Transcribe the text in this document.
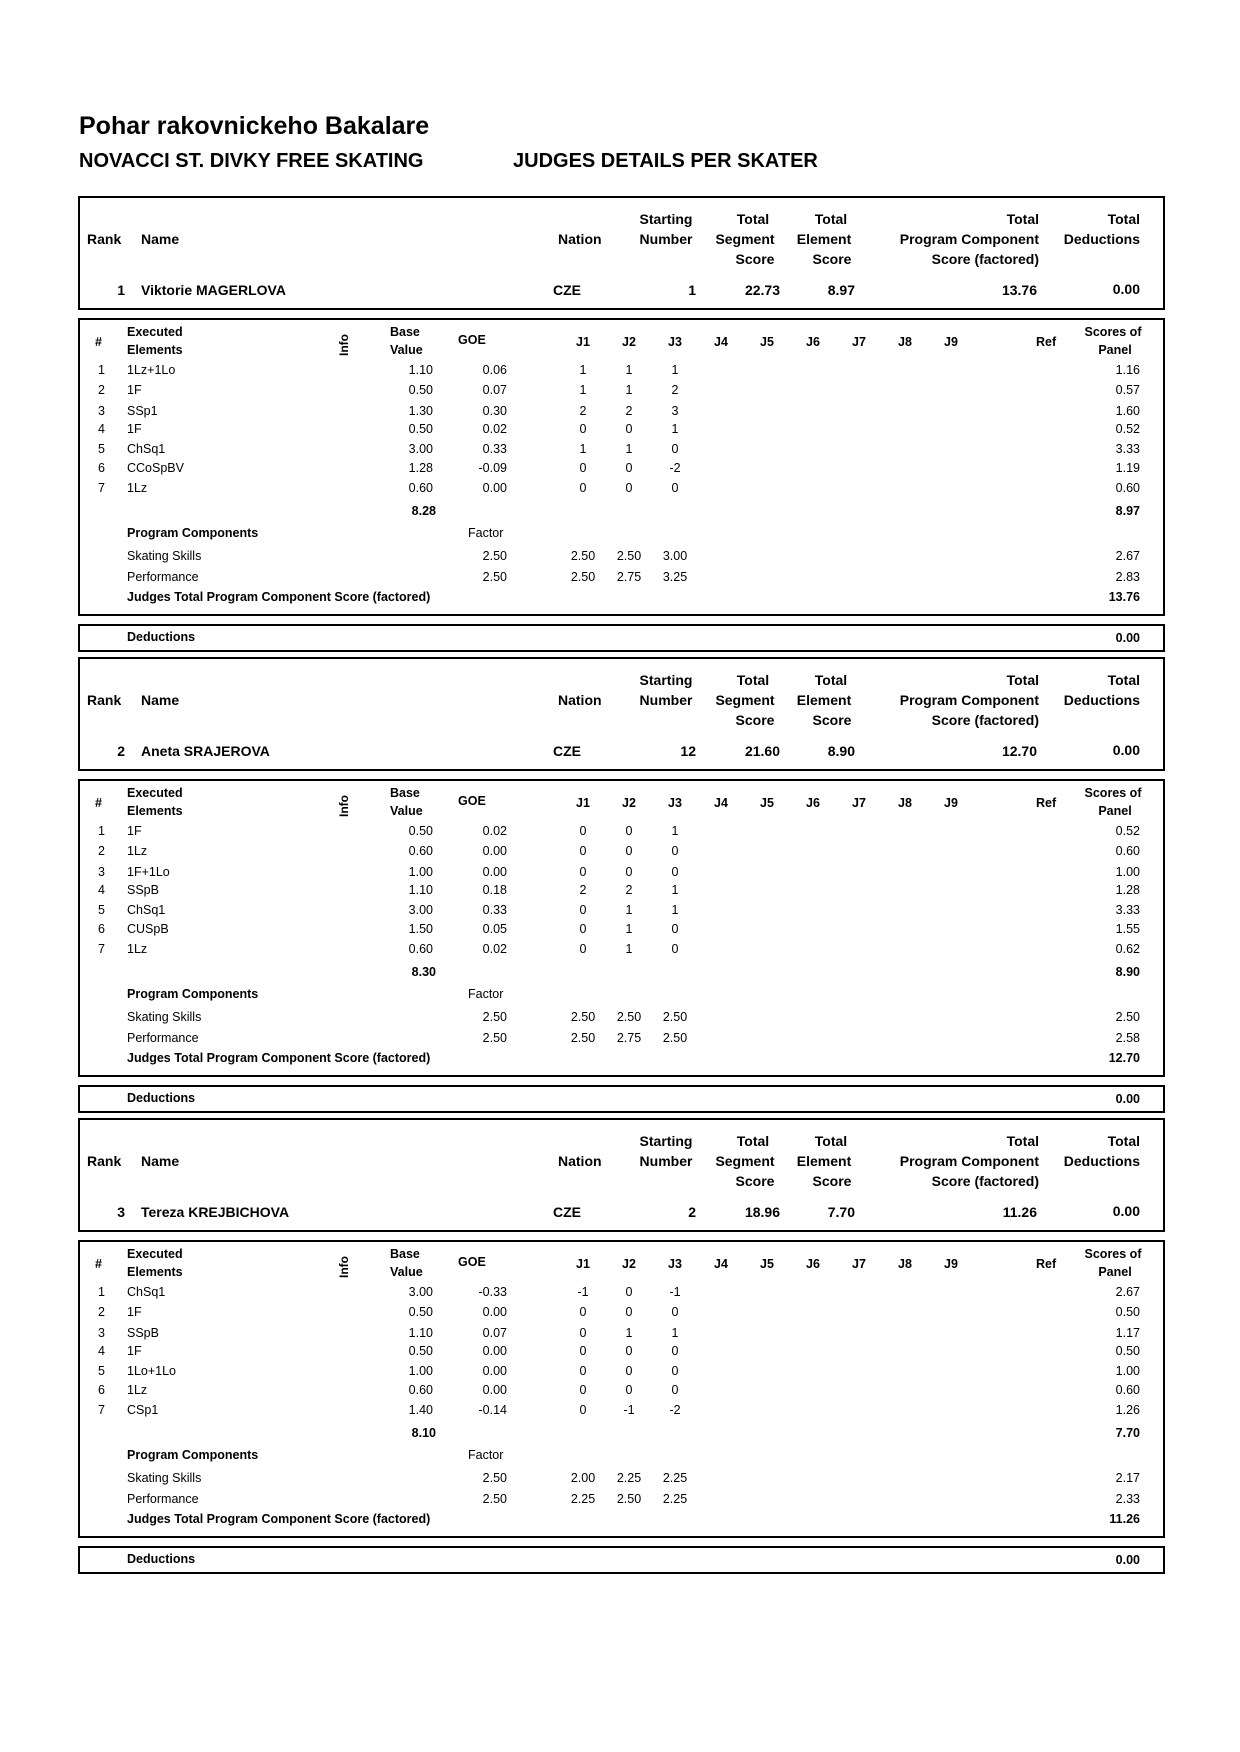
Pohar rakovnickeho Bakalare
NOVACCI ST. DIVKY FREE SKATING	JUDGES DETAILS PER SKATER
Rank Name	Nation
Starting
Number
Total
Segment
Score
Total
Element
Score
Total
Program Component
Score (factored)
Total
Deductions
1 Viktorie MAGERLOVA	CZE	1	22.73	8.97	13.76	0.00
#
Executed
Elements	Info
Base
Value
GOE	J1	J2	J3	J4	J5	J6	J7	J8	J9	Ref
Scores of
Panel
1 1Lz+1Lo	1.10	0.06	1	1	1	1.16
2 1F	0.50	0.07	1	1	2	0.57
3 SSp1	1.30	0.30	2	2	3	1.60
4 1F	0.50	0.02	0	0	1	0.52
5 ChSq1	3.00	0.33	1	1	0	3.33
6 CCoSpBV	1.28	-0.09	0	0	-2	1.19
7 1Lz	0.60	0.00	0	0	0	0.60
8.28	8.97
Program Components	Factor
Skating Skills	2.50	2.50 2.50 3.00	2.67
Performance	2.50	2.50 2.75 3.25	2.83
Judges Total Program Component Score (factored)	13.76
Deductions	0.00
Rank Name	Nation
Starting
Number
Total
Segment
Score
Total
Element
Score
Total
Program Component
Score (factored)
Total
Deductions
2 Aneta SRAJEROVA	CZE	12	21.60	8.90	12.70	0.00
#
Executed
Elements	Info
Base
Value
GOE	J1	J2	J3	J4	J5	J6	J7	J8	J9	Ref
Scores of
Panel
1 1F	0.50	0.02	0	0	1	0.52
2 1Lz	0.60	0.00	0	0	0	0.60
3 1F+1Lo	1.00	0.00	0	0	0	1.00
4 SSpB	1.10	0.18	2	2	1	1.28
5 ChSq1	3.00	0.33	0	1	1	3.33
6 CUSpB	1.50	0.05	0	1	0	1.55
7 1Lz	0.60	0.02	0	1	0	0.62
8.30	8.90
Program Components	Factor
Skating Skills	2.50	2.50 2.50 2.50	2.50
Performance	2.50	2.50 2.75 2.50	2.58
Judges Total Program Component Score (factored)	12.70
Deductions	0.00
Rank Name	Nation
Starting
Number
Total
Segment
Score
Total
Element
Score
Total
Program Component
Score (factored)
Total
Deductions
3 Tereza KREJBICHOVA	CZE	2	18.96	7.70	11.26	0.00
#
Executed
Elements	Info
Base
Value
GOE	J1	J2	J3	J4	J5	J6	J7	J8	J9	Ref
Scores of
Panel
1 ChSq1	3.00	-0.33	-1	0	-1	2.67
2 1F	0.50	0.00	0	0	0	0.50
3 SSpB	1.10	0.07	0	1	1	1.17
4 1F	0.50	0.00	0	0	0	0.50
5 1Lo+1Lo	1.00	0.00	0	0	0	1.00
6 1Lz	0.60	0.00	0	0	0	0.60
7 CSp1	1.40	-0.14	0	-1	-2	1.26
8.10	7.70
Program Components	Factor
Skating Skills	2.50	2.00 2.25 2.25	2.17
Performance	2.50	2.25 2.50 2.25	2.33
Judges Total Program Component Score (factored)	11.26
Deductions	0.00
